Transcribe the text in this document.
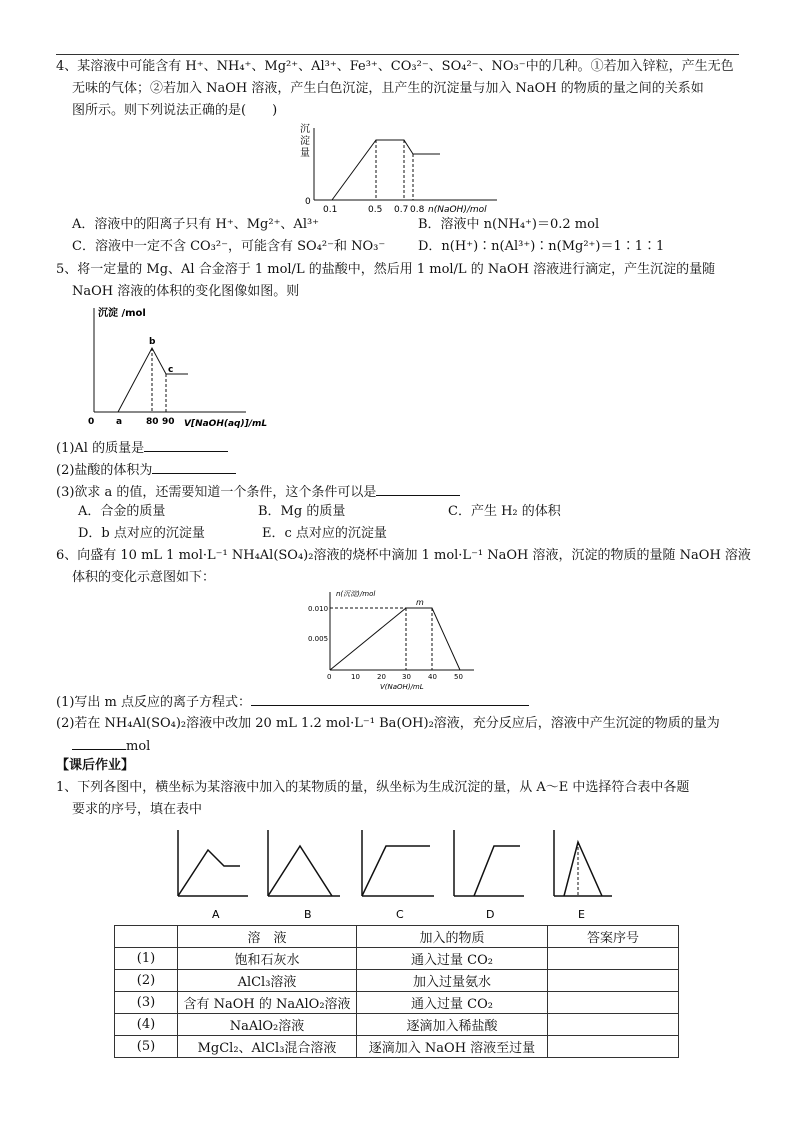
4、某溶液中可能含有 H⁺、NH₄⁺、Mg²⁺、Al³⁺、Fe³⁺、CO₃²⁻、SO₄²⁻、NO₃⁻中的几种。①若加入锌粒，产生无色
无味的气体；②若加入 NaOH 溶液，产生白色沉淀，且产生的沉淀量与加入 NaOH 的物质的量之间的关系如
图所示。则下列说法正确的是(　　)
沉淀量
0
0.1	0.5 0.7 0.8 n(NaOH)/mol
A．溶液中的阳离子只有 H⁺、Mg²⁺、Al³⁺	B．溶液中 n(NH₄⁺)＝0.2 mol
C．溶液中一定不含 CO₃²⁻，可能含有 SO₄²⁻和 NO₃⁻	D．n(H⁺)∶n(Al³⁺)∶n(Mg²⁺)＝1∶1∶1
5、将一定量的 Mg、Al 合金溶于 1 mol/L 的盐酸中，然后用 1 mol/L 的 NaOH 溶液进行滴定，产生沉淀的量随
NaOH 溶液的体积的变化图像如图。则
沉淀 /mol
b
c
0 a	80 90 V[NaOH(aq)]/mL
(1)Al 的质量是
(2)盐酸的体积为
(3)欲求 a 的值，还需要知道一个条件，这个条件可以是
A．合金的质量	B．Mg 的质量	C．产生 H₂ 的体积
D．b 点对应的沉淀量	E．c 点对应的沉淀量
6、向盛有 10 mL 1 mol·L⁻¹ NH₄Al(SO₄)₂溶液的烧杯中滴加 1 mol·L⁻¹ NaOH 溶液，沉淀的物质的量随 NaOH 溶液
体积的变化示意图如下：
n(沉淀)/mol
m
0.010
0.005
0	10 20 30 40 50
V(NaOH)/mL
(1)写出 m 点反应的离子方程式：
(2)若在 NH₄Al(SO₄)₂溶液中改加 20 mL 1.2 mol·L⁻¹ Ba(OH)₂溶液，充分反应后，溶液中产生沉淀的物质的量为
mol
【课后作业】
1、下列各图中，横坐标为某溶液中加入的某物质的量，纵坐标为生成沉淀的量，从 A～E 中选择符合表中各题
要求的序号，填在表中
A	B	C	D	E
	溶　液	加入的物质	答案序号
(1)	饱和石灰水	通入过量 CO₂	
(2)	AlCl₃溶液	加入过量氨水	
(3)	含有 NaOH 的 NaAlO₂溶液	通入过量 CO₂	
(4)	NaAlO₂溶液	逐滴加入稀盐酸	
(5)	MgCl₂、AlCl₃混合溶液	逐滴加入 NaOH 溶液至过量	
